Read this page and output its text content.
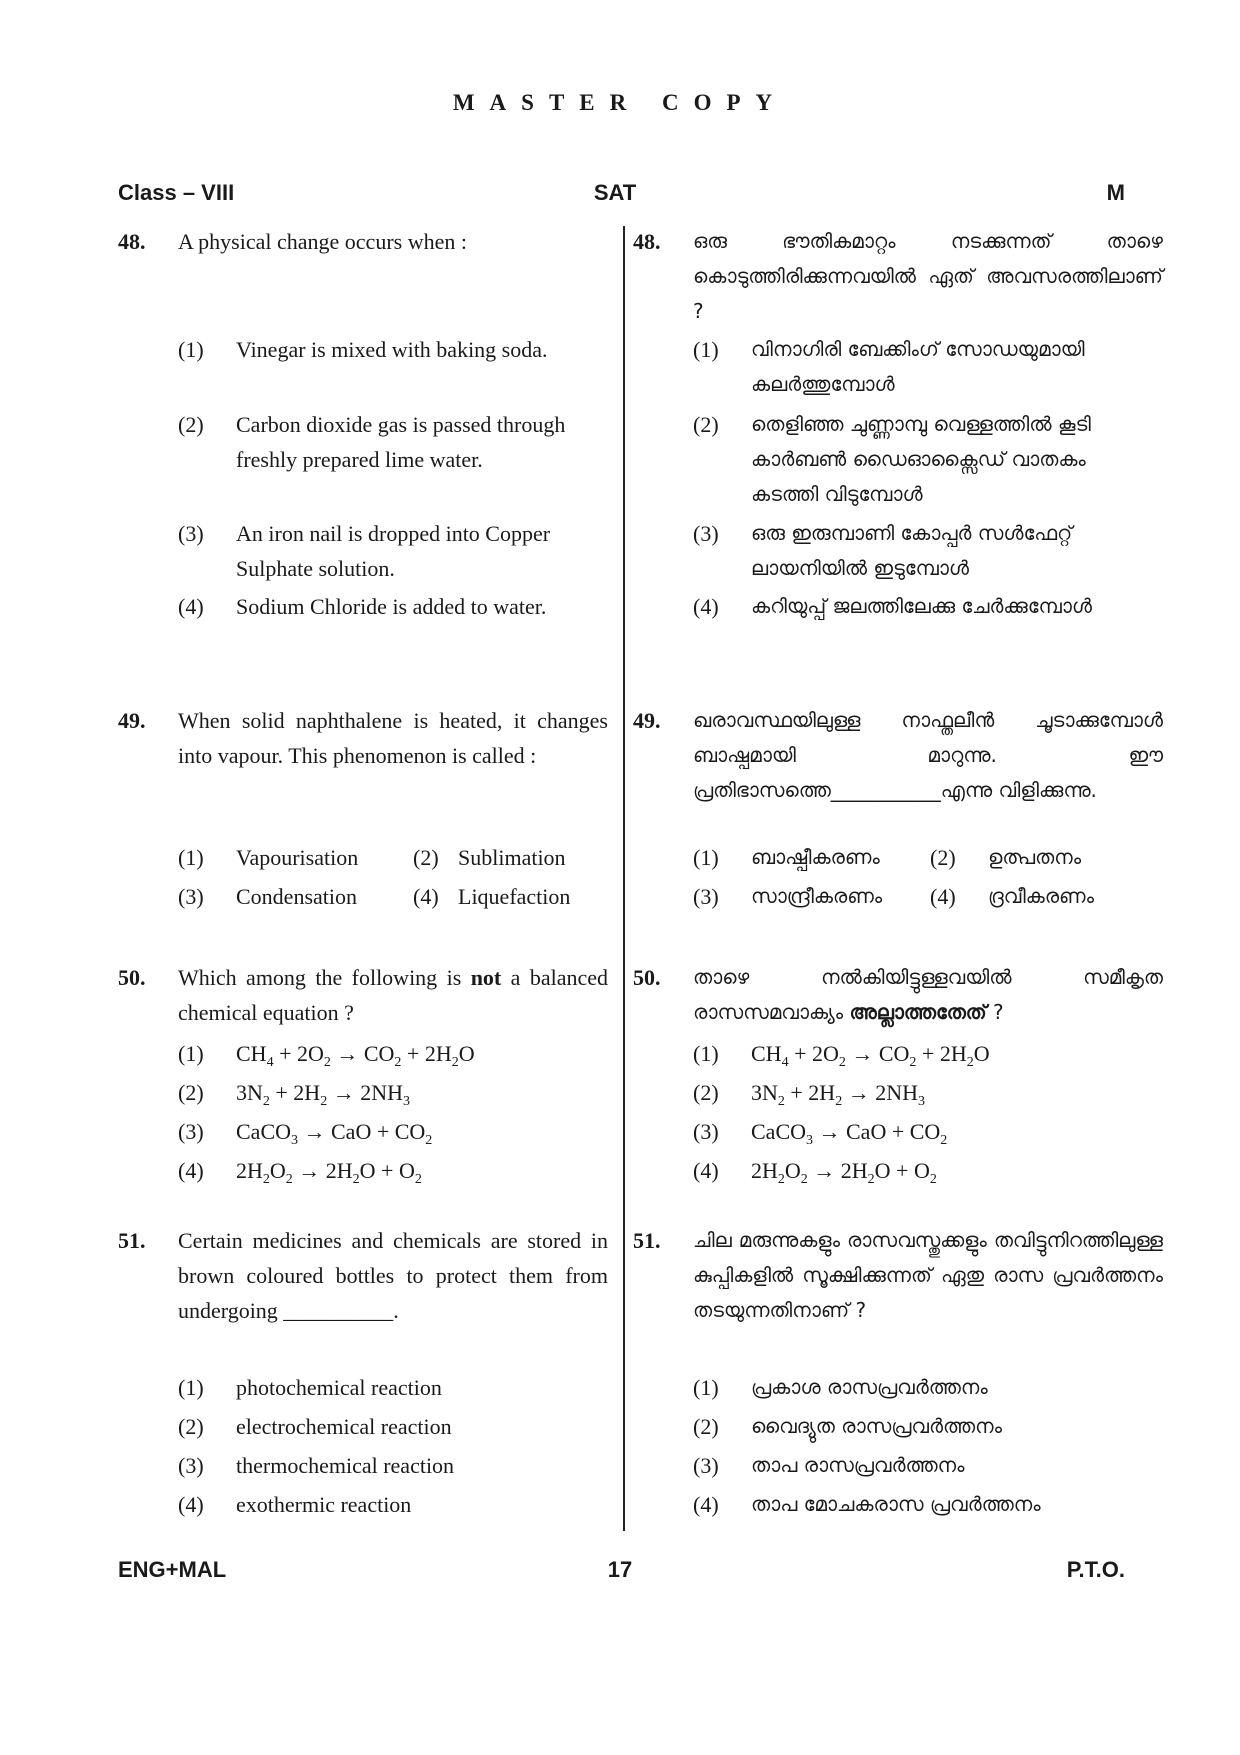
MASTER COPY
Class – VIII	SAT	M
48. A physical change occurs when :
(1) Vinegar is mixed with baking soda.
(2) Carbon dioxide gas is passed through freshly prepared lime water.
(3) An iron nail is dropped into Copper Sulphate solution.
(4) Sodium Chloride is added to water.
49. When solid naphthalene is heated, it changes into vapour. This phenomenon is called :
(1) Vapourisation	(2) Sublimation
(3) Condensation	(4) Liquefaction
50. Which among the following is not a balanced chemical equation ?
(1) $CH_4 + 2O_2 \to CO_2 + 2H_2O$
(2) $3N_2 + 2H_2 \to 2NH_3$
(3) CaCO$_3$ → CaO + $CO_2$
(4) $2H_2O_2 \to 2H_2O + O_2$
51. Certain medicines and chemicals are stored in brown coloured bottles to protect them from undergoing __________.
(1) photochemical reaction
(2) electrochemical reaction
(3) thermochemical reaction
(4) exothermic reaction
48. ഒരു ഭൗതികമാറ്റം നടക്കുന്നത് താഴെ കൊടുത്തിരിക്കുന്നവയിൽ ഏത് അവസരത്തിലാണ് ?
(1) വിനാഗിരി ബേക്കിംഗ് സോഡയുമായി കലർത്തുമ്പോൾ
(2) തെളിഞ്ഞ ചുണ്ണാമ്പു വെള്ളത്തിൽ കൂടി കാർബൺ ഡൈഓക്സൈഡ് വാതകം കടത്തി വിടുമ്പോൾ
(3) ഒരു ഇരുമ്പാണി കോപ്പർ സൾഫേറ്റ് ലായനിയിൽ ഇടുമ്പോൾ
(4) കറിയുപ്പ് ജലത്തിലേക്കു ചേർക്കുമ്പോൾ
49. ഖരാവസ്ഥയിലുള്ള നാഫ്തലീൻ ചൂടാക്കുമ്പോൾ ബാഷ്പമായി മാറുന്നു. ഈ പ്രതിഭാസത്തെ___________എന്നു വിളിക്കുന്നു.
(1) ബാഷ്പീകരണം	(2) ഉത്പതനം
(3) സാന്ദ്രീകരണം	(4) ദ്രവീകരണം
50. താഴെ നൽകിയിട്ടുള്ളവയിൽ സമീകൃത രാസസമവാക്യം അല്ലാത്തതേത് ?
(1) $CH_4 + 2O_2 \to CO_2 + 2H_2O$
(2) $3N_2 + 2H_2 \to 2NH_3$
(3) CaCO$_3$ → CaO + $CO_2$
(4) $2H_2O_2 \to 2H_2O + O_2$
51. ചില മരുന്നുകളും രാസവസ്തുക്കളും തവിട്ടുനിറത്തിലുള്ള കുപ്പികളിൽ സൂക്ഷിക്കുന്നത് ഏതു രാസ പ്രവർത്തനം തടയുന്നതിനാണ് ?
(1) പ്രകാശ രാസപ്രവർത്തനം
(2) വൈദ്യുത രാസപ്രവർത്തനം
(3) താപ രാസപ്രവർത്തനം
(4) താപ മോചകരാസ പ്രവർത്തനം
ENG+MAL	17	P.T.O.
